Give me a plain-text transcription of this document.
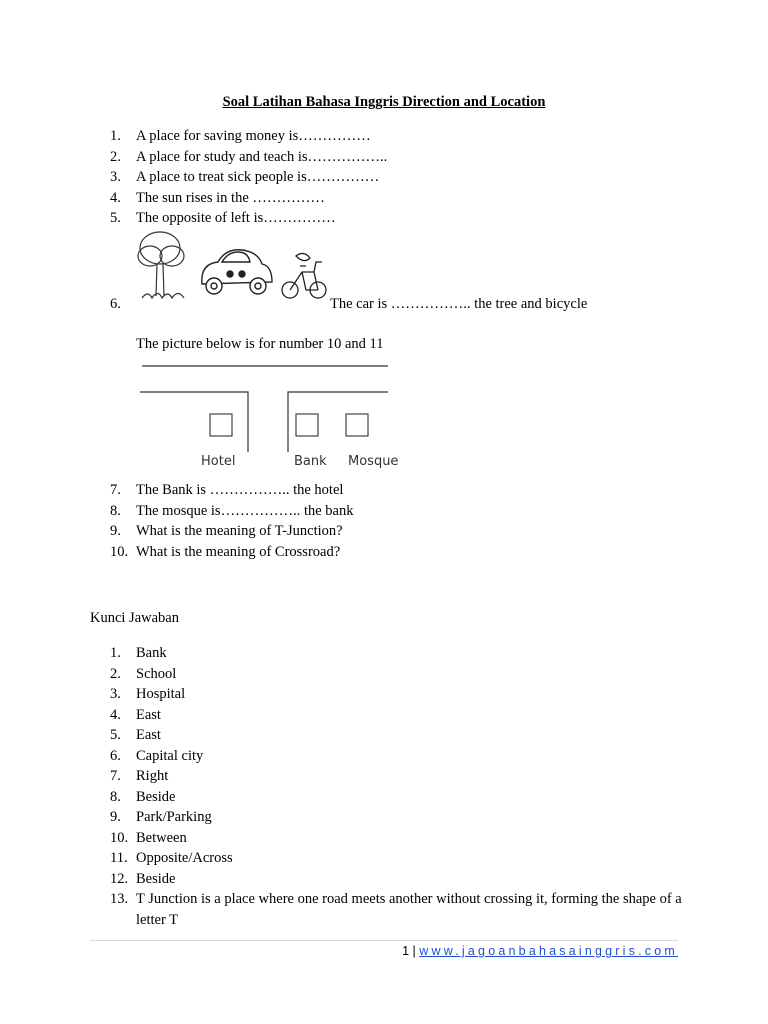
Soal Latihan Bahasa Inggris Direction and Location
1.	A place for saving money is……………
2.	A place for study and teach is……………..
3.	A place to treat sick people is……………
4.	The sun rises in the ……………
5.	The opposite of left is……………
6.	The car is …………….. the tree and bicycle
The picture below is for number 10 and 11
Hotel	Bank Mosque
7.	The Bank is …………….. the hotel
8.	The mosque is…………….. the bank
9.	What is the meaning of T-Junction?
10. What is the meaning of Crossroad?
Kunci Jawaban
1.	Bank
2.	School
3.	Hospital
4.	East
5.	East
6.	Capital city
7.	Right
8.	Beside
9.	Park/Parking
10. Between
11. Opposite/Across
12. Beside
13. T Junction is a place where one road meets another without crossing it, forming the shape of a letter T
1 | www.jagoanbahasainggris.com
